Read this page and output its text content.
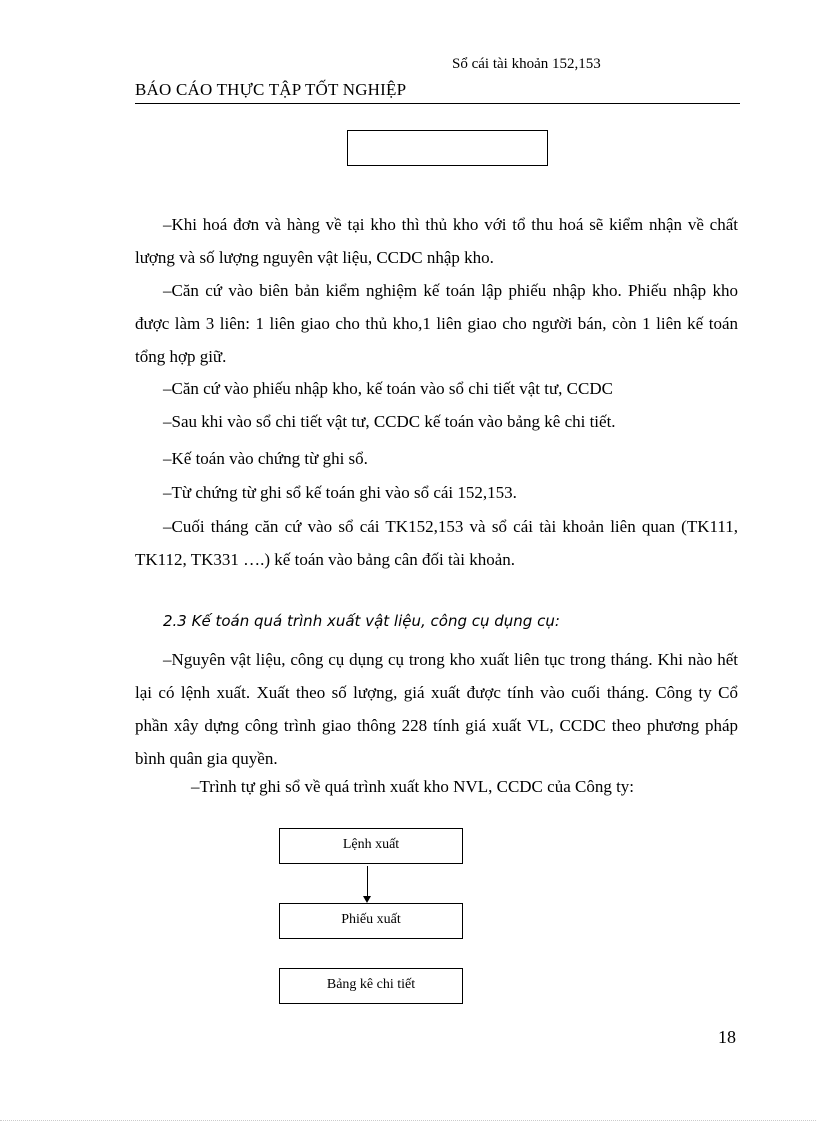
Sổ cái tài khoản 152,153
BÁO CÁO THỰC TẬP TỐT NGHIỆP
–Khi hoá đơn và hàng về tại kho thì thủ kho với tổ thu hoá sẽ kiểm nhận về chất lượng và số lượng nguyên vật liệu, CCDC nhập kho.
–Căn cứ vào biên bản kiểm nghiệm kế toán lập phiếu nhập kho. Phiếu nhập kho được làm 3 liên: 1 liên giao cho thủ kho,1 liên giao cho người bán, còn 1 liên kế toán tổng hợp giữ.
–Căn cứ vào phiếu nhập kho, kế toán vào sổ chi tiết vật tư, CCDC
–Sau khi vào sổ chi tiết vật tư, CCDC kế toán vào bảng kê chi tiết.
–Kế toán vào chứng từ ghi sổ.
–Từ chứng từ ghi sổ kế toán ghi vào sổ cái 152,153.
–Cuối tháng căn cứ vào sổ cái TK152,153 và sổ cái tài khoản liên quan (TK111, TK112, TK331 ….) kế toán vào bảng cân đối tài khoản.
2.3 Kế toán quá trình xuất vật liệu, công cụ dụng cụ:
–Nguyên vật liệu, công cụ dụng cụ trong kho xuất liên tục trong tháng. Khi nào hết lại có lệnh xuất. Xuất theo số lượng, giá xuất được tính vào cuối tháng. Công ty Cổ phần xây dựng công trình giao thông 228 tính giá xuất VL, CCDC theo phương pháp bình quân gia quyền.
–Trình tự ghi sổ về quá trình xuất kho NVL, CCDC của Công ty:
Lệnh xuất
Phiếu xuất
Bảng kê chi tiết
18
